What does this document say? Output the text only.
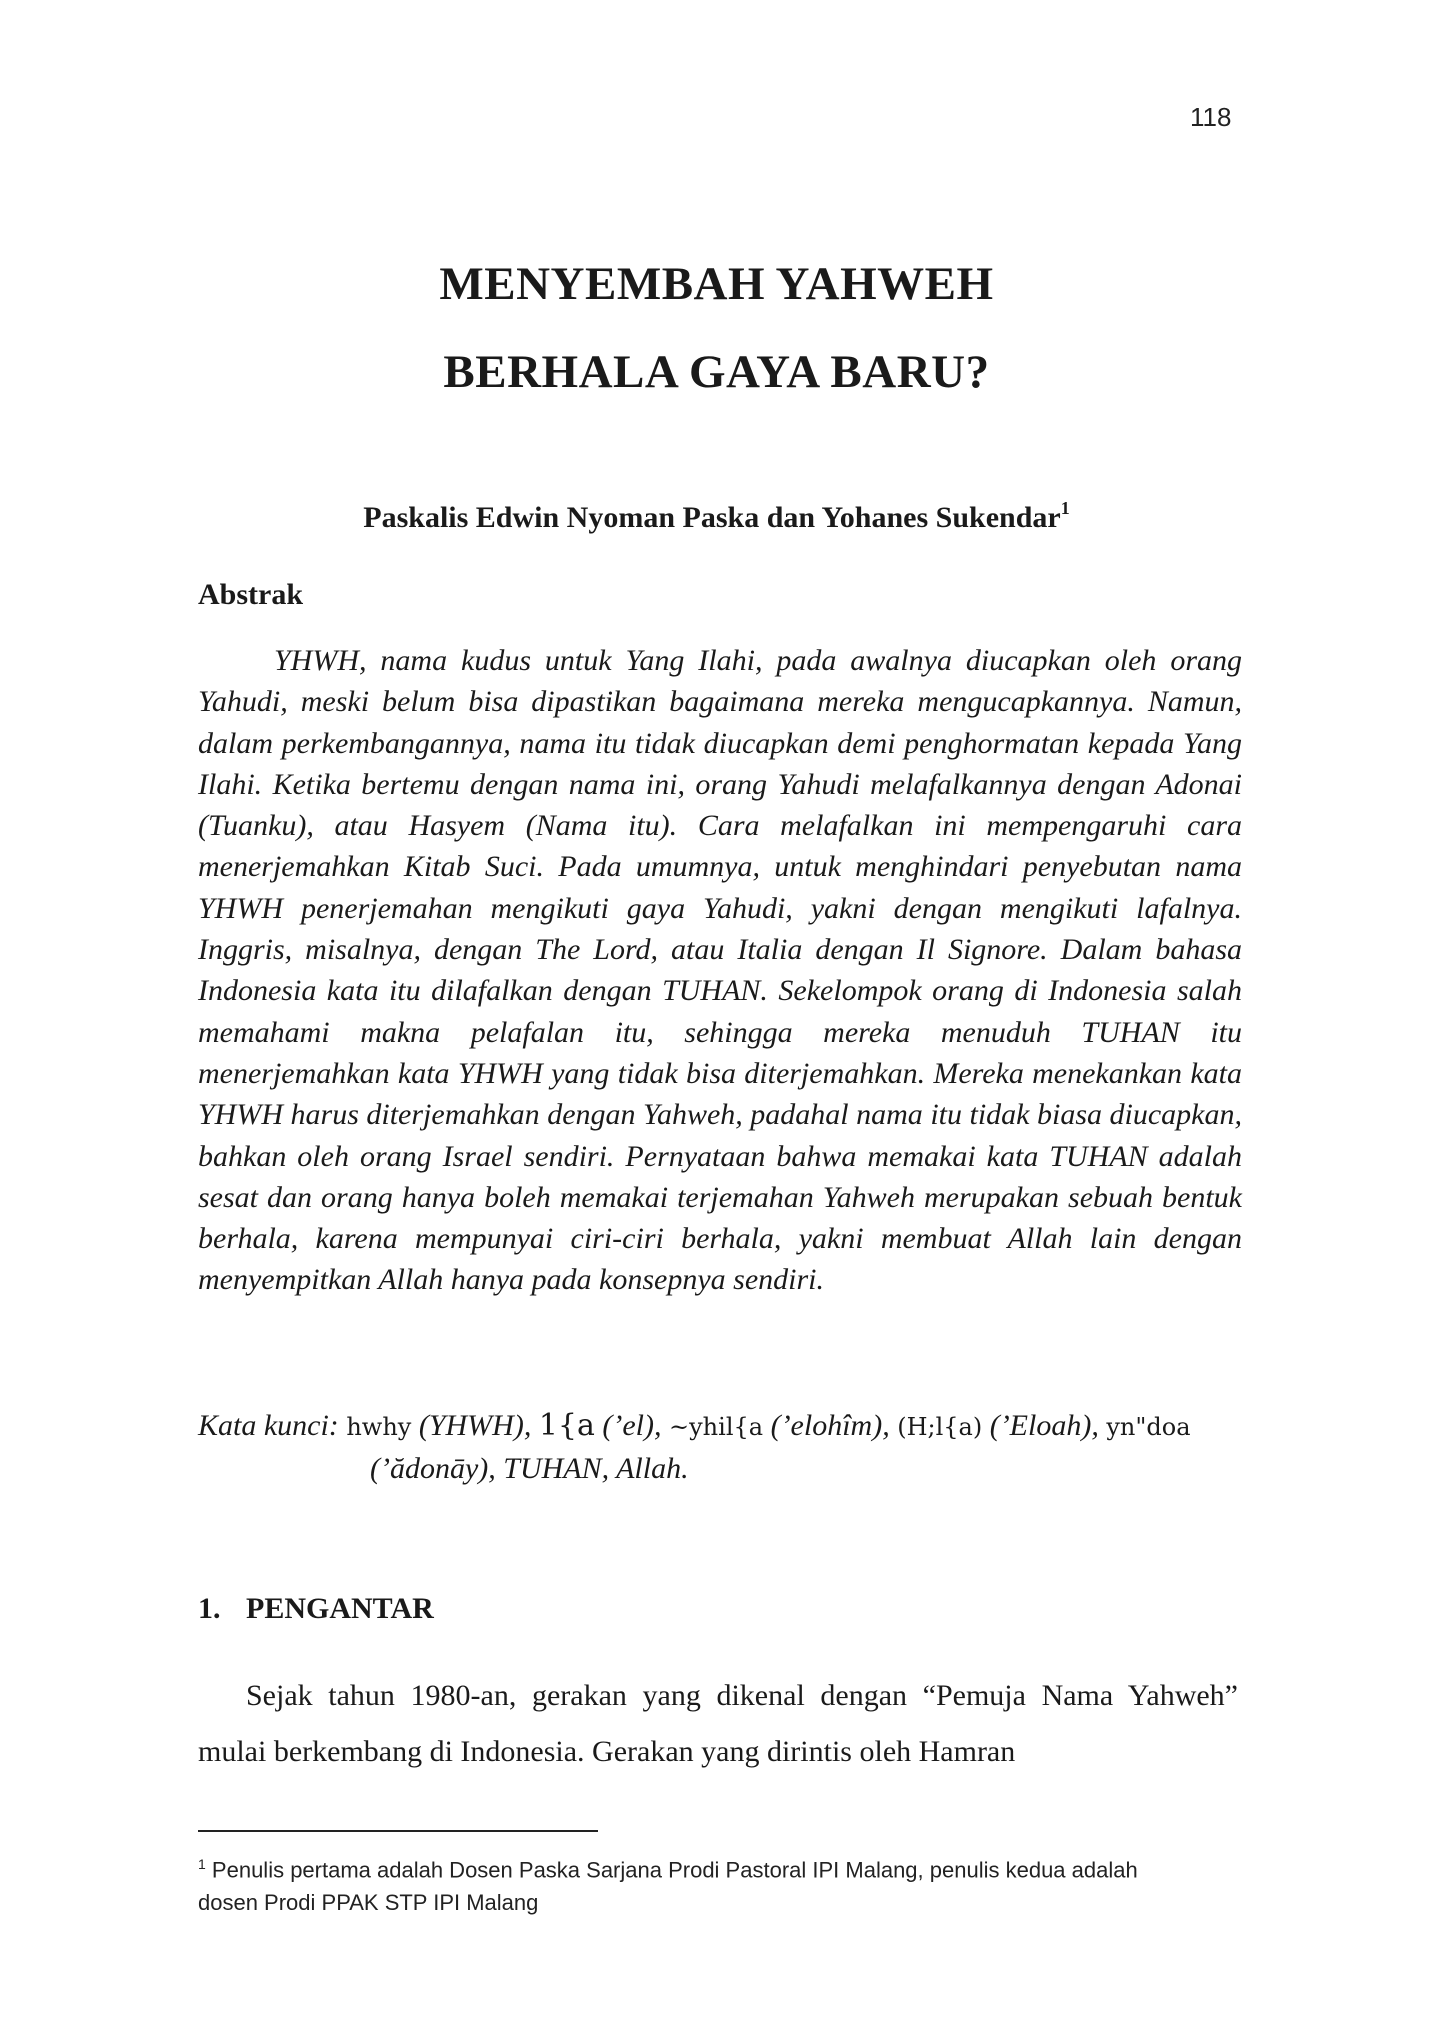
118
MENYEMBAH YAHWEH
BERHALA GAYA BARU?
Paskalis Edwin Nyoman Paska dan Yohanes Sukendar$^1$
Abstrak

YHWH, nama kudus untuk Yang Ilahi, pada awalnya diucapkan oleh orang Yahudi, meski belum bisa dipastikan bagaimana mereka mengucapkannya. Namun, dalam perkembangannya, nama itu tidak diucapkan demi penghormatan kepada Yang Ilahi. Ketika bertemu dengan nama ini, orang Yahudi melafalkannya dengan Adonai (Tuanku), atau Hasyem (Nama itu). Cara melafalkan ini mempengaruhi cara menerjemahkan Kitab Suci. Pada umumnya, untuk menghindari penyebutan nama YHWH penerjemahan mengikuti gaya Yahudi, yakni dengan mengikuti lafalnya. Inggris, misalnya, dengan The Lord, atau Italia dengan Il Signore. Dalam bahasa Indonesia kata itu dilafalkan dengan TUHAN. Sekelompok orang di Indonesia salah memahami makna pelafalan itu, sehingga mereka menuduh TUHAN itu menerjemahkan kata YHWH yang tidak bisa diterjemahkan. Mereka menekankan kata YHWH harus diterjemahkan dengan Yahweh, padahal nama itu tidak biasa diucapkan, bahkan oleh orang Israel sendiri. Pernyataan bahwa memakai kata TUHAN adalah sesat dan orang hanya boleh memakai terjemahan Yahweh merupakan sebuah bentuk berhala, karena mempunyai ciri-ciri berhala, yakni membuat Allah lain dengan menyempitkan Allah hanya pada konsepnya sendiri.

Kata kunci: hwhy (YHWH), 1{a (’el), ~yhil{a (’elohîm), (H;l{a) (’Eloah), yn"doa
(’ădonāy), TUHAN, Allah.
1. PENGANTAR

Sejak tahun 1980-an, gerakan yang dikenal dengan “Pemuja Nama Yahweh” mulai berkembang di Indonesia. Gerakan yang dirintis oleh Hamran

$^1$ Penulis pertama adalah Dosen Paska Sarjana Prodi Pastoral IPI Malang, penulis kedua adalah dosen Prodi PPAK STP IPI Malang
